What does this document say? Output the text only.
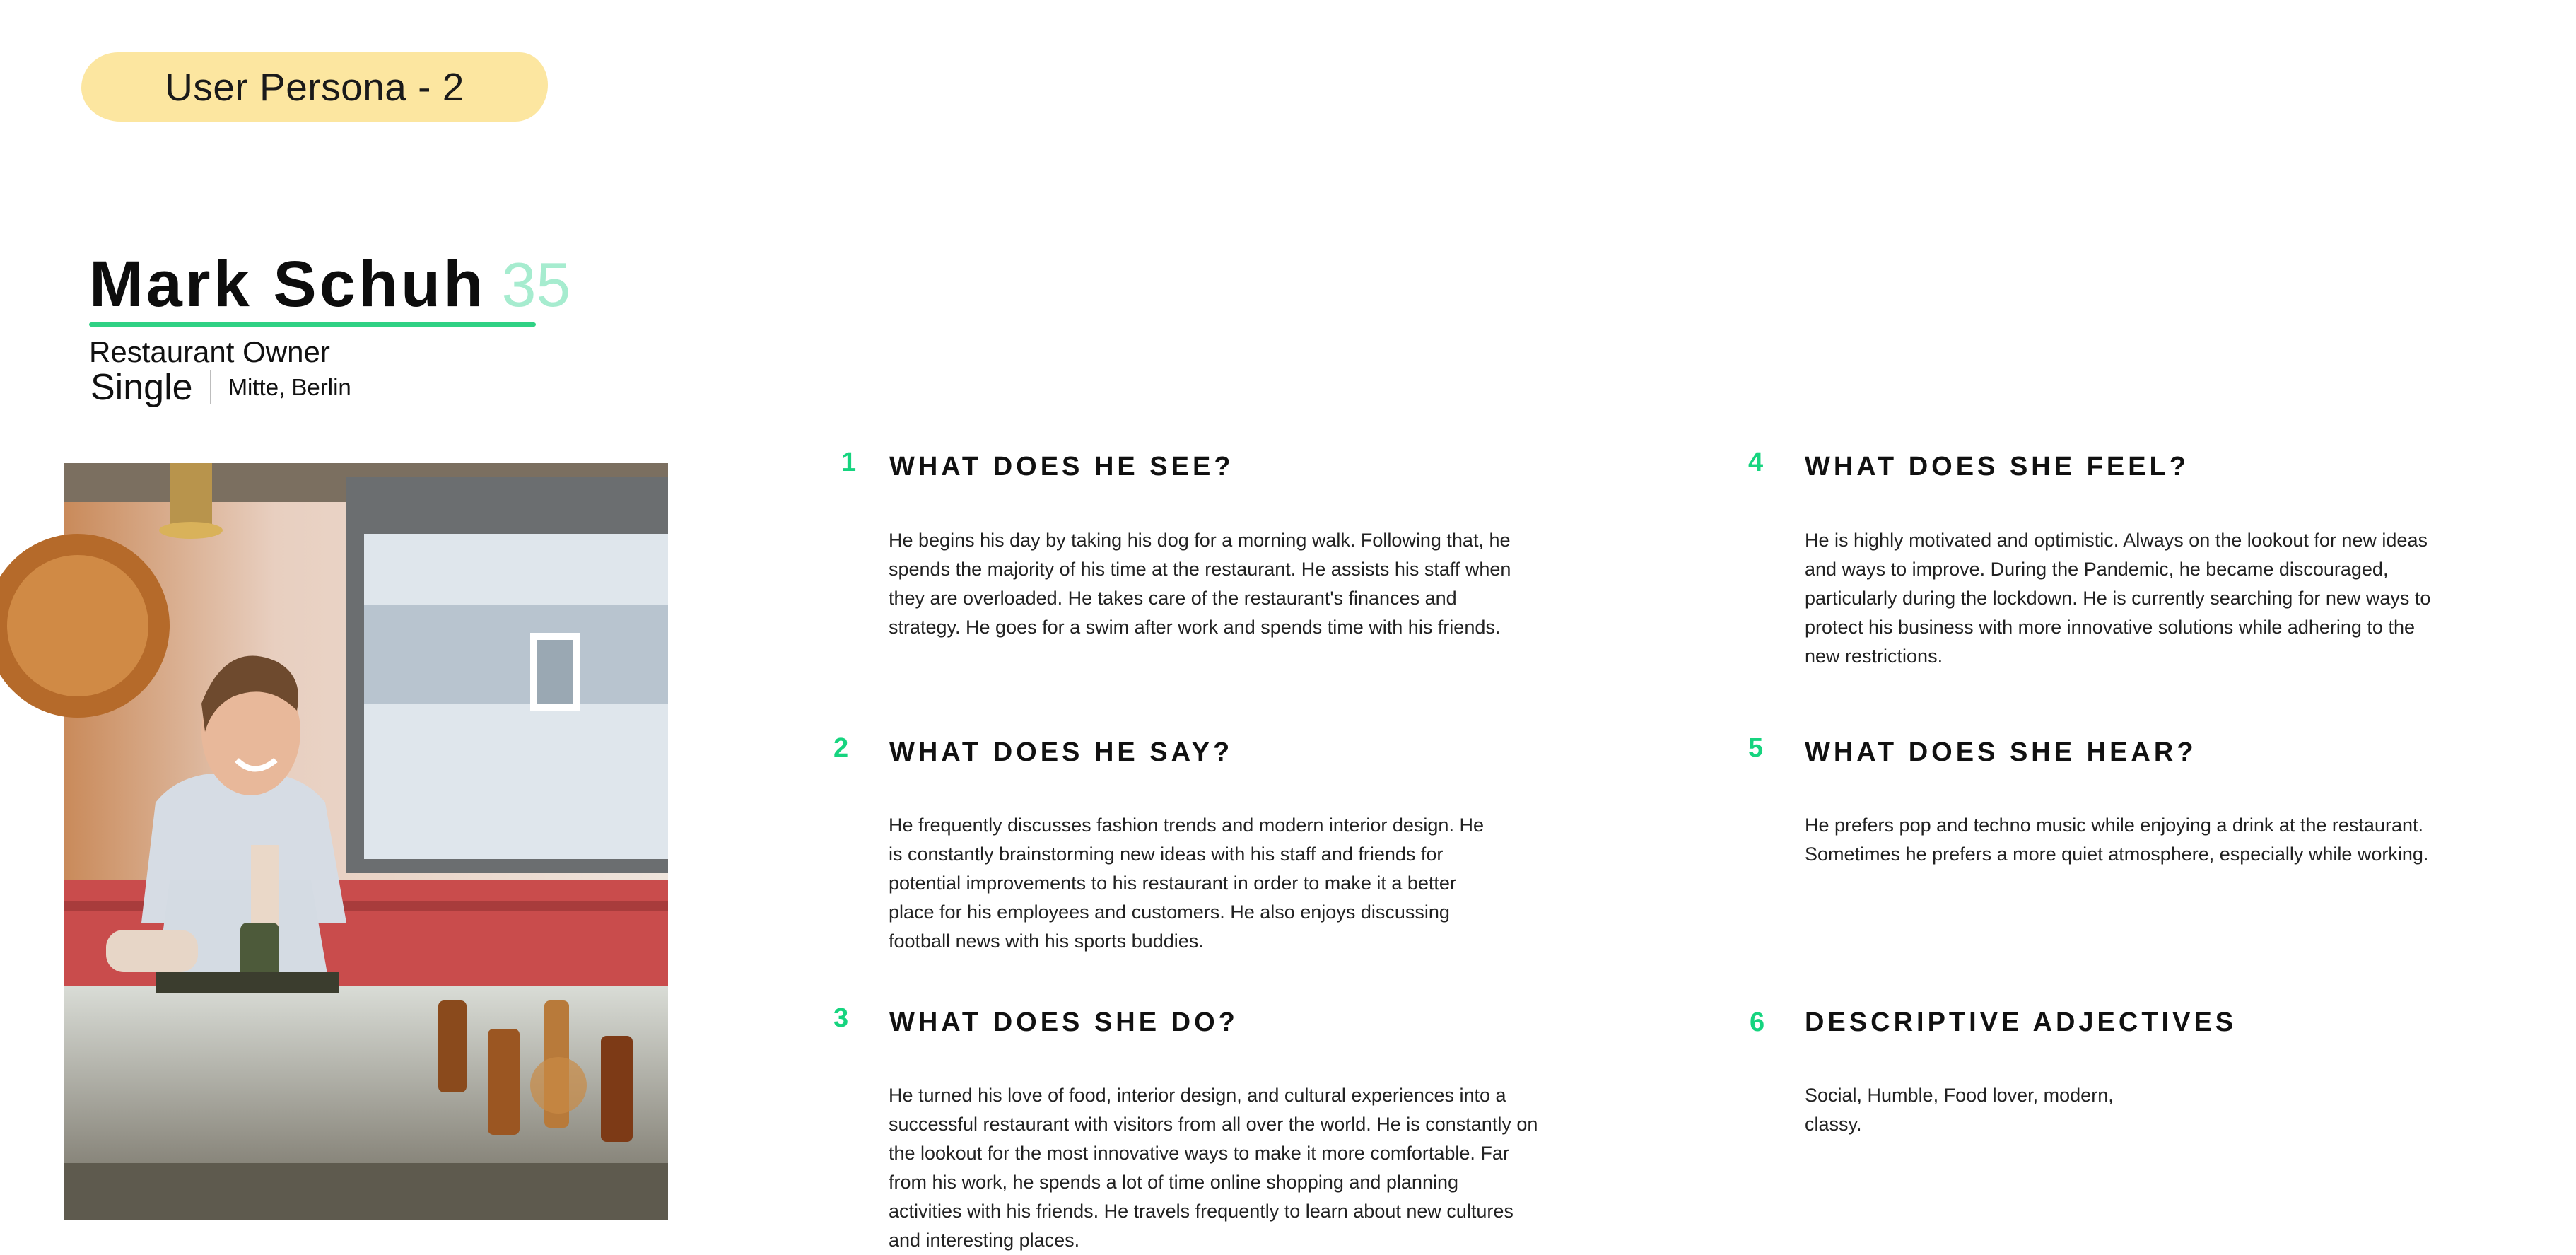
User Persona - 2
Mark Schuh 35
Restaurant Owner
Single Mitte, Berlin
1 WHAT DOES HE SEE?
He begins his day by taking his dog for a morning walk. Following that, he
spends the majority of his time at the restaurant. He assists his staff when
they are overloaded. He takes care of the restaurant's finances and
strategy. He goes for a swim after work and spends time with his friends.
2 WHAT DOES HE SAY?
He frequently discusses fashion trends and modern interior design. He
is constantly brainstorming new ideas with his staff and friends for
potential improvements to his restaurant in order to make it a better
place for his employees and customers. He also enjoys discussing
football news with his sports buddies.
3 WHAT DOES SHE DO?
He turned his love of food, interior design, and cultural experiences into a
successful restaurant with visitors from all over the world. He is constantly on
the lookout for the most innovative ways to make it more comfortable. Far
from his work, he spends a lot of time online shopping and planning
activities with his friends. He travels frequently to learn about new cultures
and interesting places.
4 WHAT DOES SHE FEEL?
He is highly motivated and optimistic. Always on the lookout for new ideas
and ways to improve. During the Pandemic, he became discouraged,
particularly during the lockdown. He is currently searching for new ways to
protect his business with more innovative solutions while adhering to the
new restrictions.
5 WHAT DOES SHE HEAR?
He prefers pop and techno music while enjoying a drink at the restaurant.
Sometimes he prefers a more quiet atmosphere, especially while working.
6 DESCRIPTIVE ADJECTIVES
Social, Humble, Food lover, modern,
classy.
